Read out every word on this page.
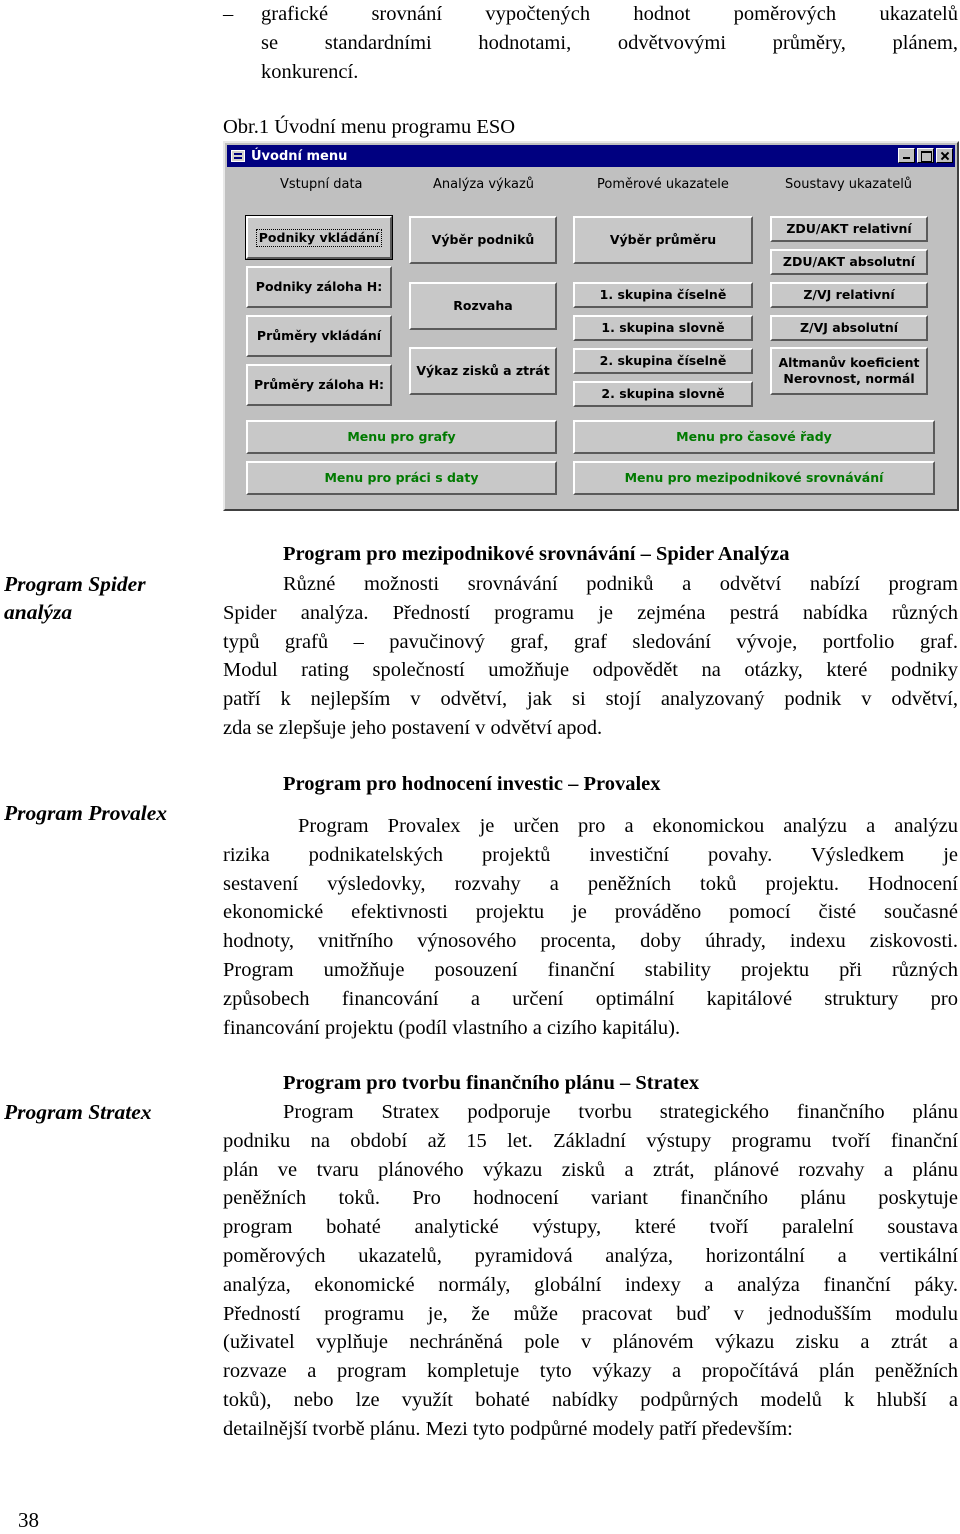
– grafické srovnání vypočtených hodnot poměrových ukazatelů
se standardními hodnotami, odvětvovými průměry, plánem,
konkurencí.
Obr.1 Úvodní menu programu ESO
Úvodní menu
Vstupní data	Analýza výkazů	Poměrové ukazatele	Soustavy ukazatelů
Podniky vkládání
Podniky záloha H:
Průměry vkládání
Průměry záloha H:
Výběr podniků
Rozvaha
Výkaz zisků a ztrát
Výběr průměru
1. skupina číselně
1. skupina slovně
2. skupina číselně
2. skupina slovně
ZDU/AKT relativní
ZDU/AKT absolutní
Z/VJ relativní
Z/VJ absolutní
Altmanův koeficient
Nerovnost, normál
Menu pro grafy	Menu pro časové řady
Menu pro práci s daty	Menu pro mezipodnikové srovnávání
Program Spider
analýza
Program pro mezipodnikové srovnávání – Spider Analýza
Různé možnosti srovnávání podniků a odvětví nabízí program
Spider analýza. Předností programu je zejména pestrá nabídka různých
typů grafů – pavučinový graf, graf sledování vývoje, portfolio graf.
Modul rating společností umožňuje odpovědět na otázky, které podniky
patří k nejlepším v odvětví, jak si stojí analyzovaný podnik v odvětví,
zda se zlepšuje jeho postavení v odvětví apod.
Program Provalex
Program pro hodnocení investic – Provalex
Program Provalex je určen pro a ekonomickou analýzu a analýzu
rizika podnikatelských projektů investiční povahy. Výsledkem je
sestavení výsledovky, rozvahy a peněžních toků projektu. Hodnocení
ekonomické efektivnosti projektu je prováděno pomocí čisté současné
hodnoty, vnitřního výnosového procenta, doby úhrady, indexu ziskovosti.
Program umožňuje posouzení finanční stability projektu při různých
způsobech financování a určení optimální kapitálové struktury pro
financování projektu (podíl vlastního a cizího kapitálu).
Program Stratex
Program pro tvorbu finančního plánu – Stratex
Program Stratex podporuje tvorbu strategického finančního plánu
podniku na období až 15 let. Základní výstupy programu tvoří finanční
plán ve tvaru plánového výkazu zisků a ztrát, plánové rozvahy a plánu
peněžních toků. Pro hodnocení variant finančního plánu poskytuje
program bohaté analytické výstupy, které tvoří paralelní soustava
poměrových ukazatelů, pyramidová analýza, horizontální a vertikální
analýza, ekonomické normály, globální indexy a analýza finanční páky.
Předností programu je, že může pracovat buď v jednodušším modulu
(uživatel vyplňuje nechráněná pole v plánovém výkazu zisku a ztrát a
rozvaze a program kompletuje tyto výkazy a propočítává plán peněžních
toků), nebo lze využít bohaté nabídky podpůrných modelů k hlubší a
detailnější tvorbě plánu. Mezi tyto podpůrné modely patří především:
38
